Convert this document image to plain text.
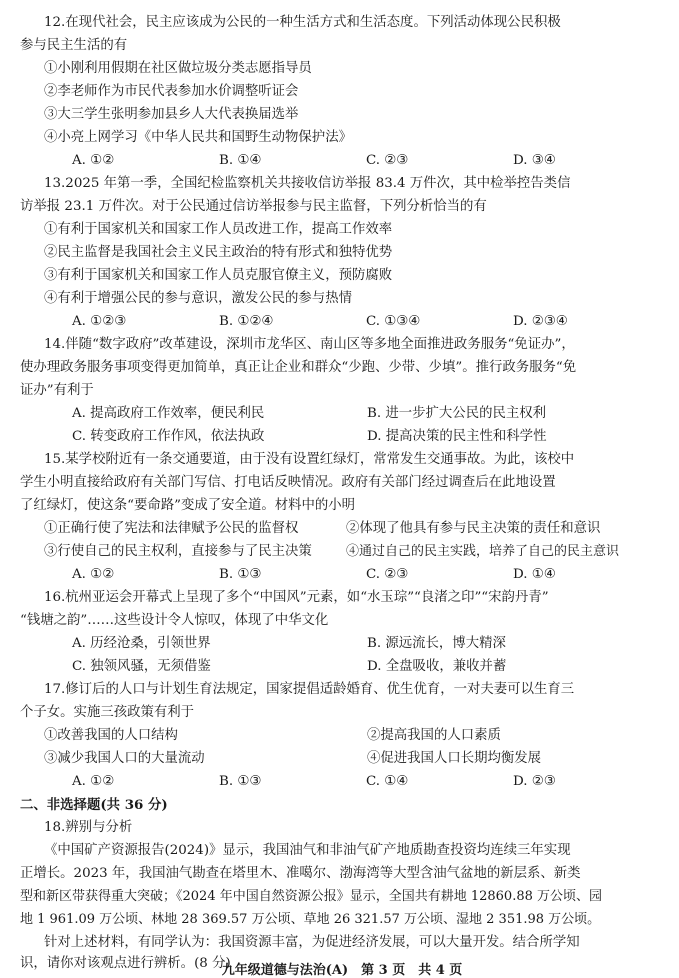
12.在现代社会，民主应该成为公民的一种生活方式和生活态度。下列活动体现公民积极
参与民主生活的有
①小刚利用假期在社区做垃圾分类志愿指导员
②李老师作为市民代表参加水价调整听证会
③大三学生张明参加县乡人大代表换届选举
④小亮上网学习《中华人民共和国野生动物保护法》
A. ①②	B. ①④	C. ②③	D. ③④
13.2025 年第一季，全国纪检监察机关共接收信访举报 83.4 万件次，其中检举控告类信
访举报 23.1 万件次。对于公民通过信访举报参与民主监督，下列分析恰当的有
①有利于国家机关和国家工作人员改进工作，提高工作效率
②民主监督是我国社会主义民主政治的特有形式和独特优势
③有利于国家机关和国家工作人员克服官僚主义，预防腐败
④有利于增强公民的参与意识，激发公民的参与热情
A. ①②③	B. ①②④	C. ①③④	D. ②③④
14.伴随“数字政府”改革建设，深圳市龙华区、南山区等多地全面推进政务服务“免证办”，
使办理政务服务事项变得更加简单，真正让企业和群众“少跑、少带、少填”。推行政务服务“免
证办”有利于
A. 提高政府工作效率，便民利民	B. 进一步扩大公民的民主权利
C. 转变政府工作作风，依法执政	D. 提高决策的民主性和科学性
15.某学校附近有一条交通要道，由于没有设置红绿灯，常常发生交通事故。为此，该校中
学生小明直接给政府有关部门写信、打电话反映情况。政府有关部门经过调查后在此地设置
了红绿灯，使这条“要命路”变成了安全道。材料中的小明
①正确行使了宪法和法律赋予公民的监督权	②体现了他具有参与民主决策的责任和意识
③行使自己的民主权利，直接参与了民主决策	④通过自己的民主实践，培养了自己的民主意识
A. ①②	B. ①③	C. ②③	D. ①④
16.杭州亚运会开幕式上呈现了多个“中国风”元素，如“水玉琮”“良渚之印”“宋韵丹青”
“钱塘之韵”……这些设计令人惊叹，体现了中华文化
A. 历经沧桑，引领世界	B. 源远流长，博大精深
C. 独领风骚，无须借鉴	D. 全盘吸收，兼收并蓄
17.修订后的人口与计划生育法规定，国家提倡适龄婚育、优生优育，一对夫妻可以生育三
个子女。实施三孩政策有利于
①改善我国的人口结构	②提高我国的人口素质
③减少我国人口的大量流动	④促进我国人口长期均衡发展
A. ①②	B. ①③	C. ①④	D. ②③
二、非选择题(共 36 分)
18.辨别与分析
《中国矿产资源报告(2024)》显示，我国油气和非油气矿产地质勘查投资均连续三年实现
正增长。2023 年，我国油气勘查在塔里木、准噶尔、渤海湾等大型含油气盆地的新层系、新类
型和新区带获得重大突破；《2024 年中国自然资源公报》显示，全国共有耕地 12860.88 万公顷、园
地 1 961.09 万公顷、林地 28 369.57 万公顷、草地 26 321.57 万公顷、湿地 2 351.98 万公顷。
针对上述材料，有同学认为：我国资源丰富，为促进经济发展，可以大量开发。结合所学知
识，请你对该观点进行辨析。(8 分)
九年级道德与法治(A)　第 3 页　共 4 页
